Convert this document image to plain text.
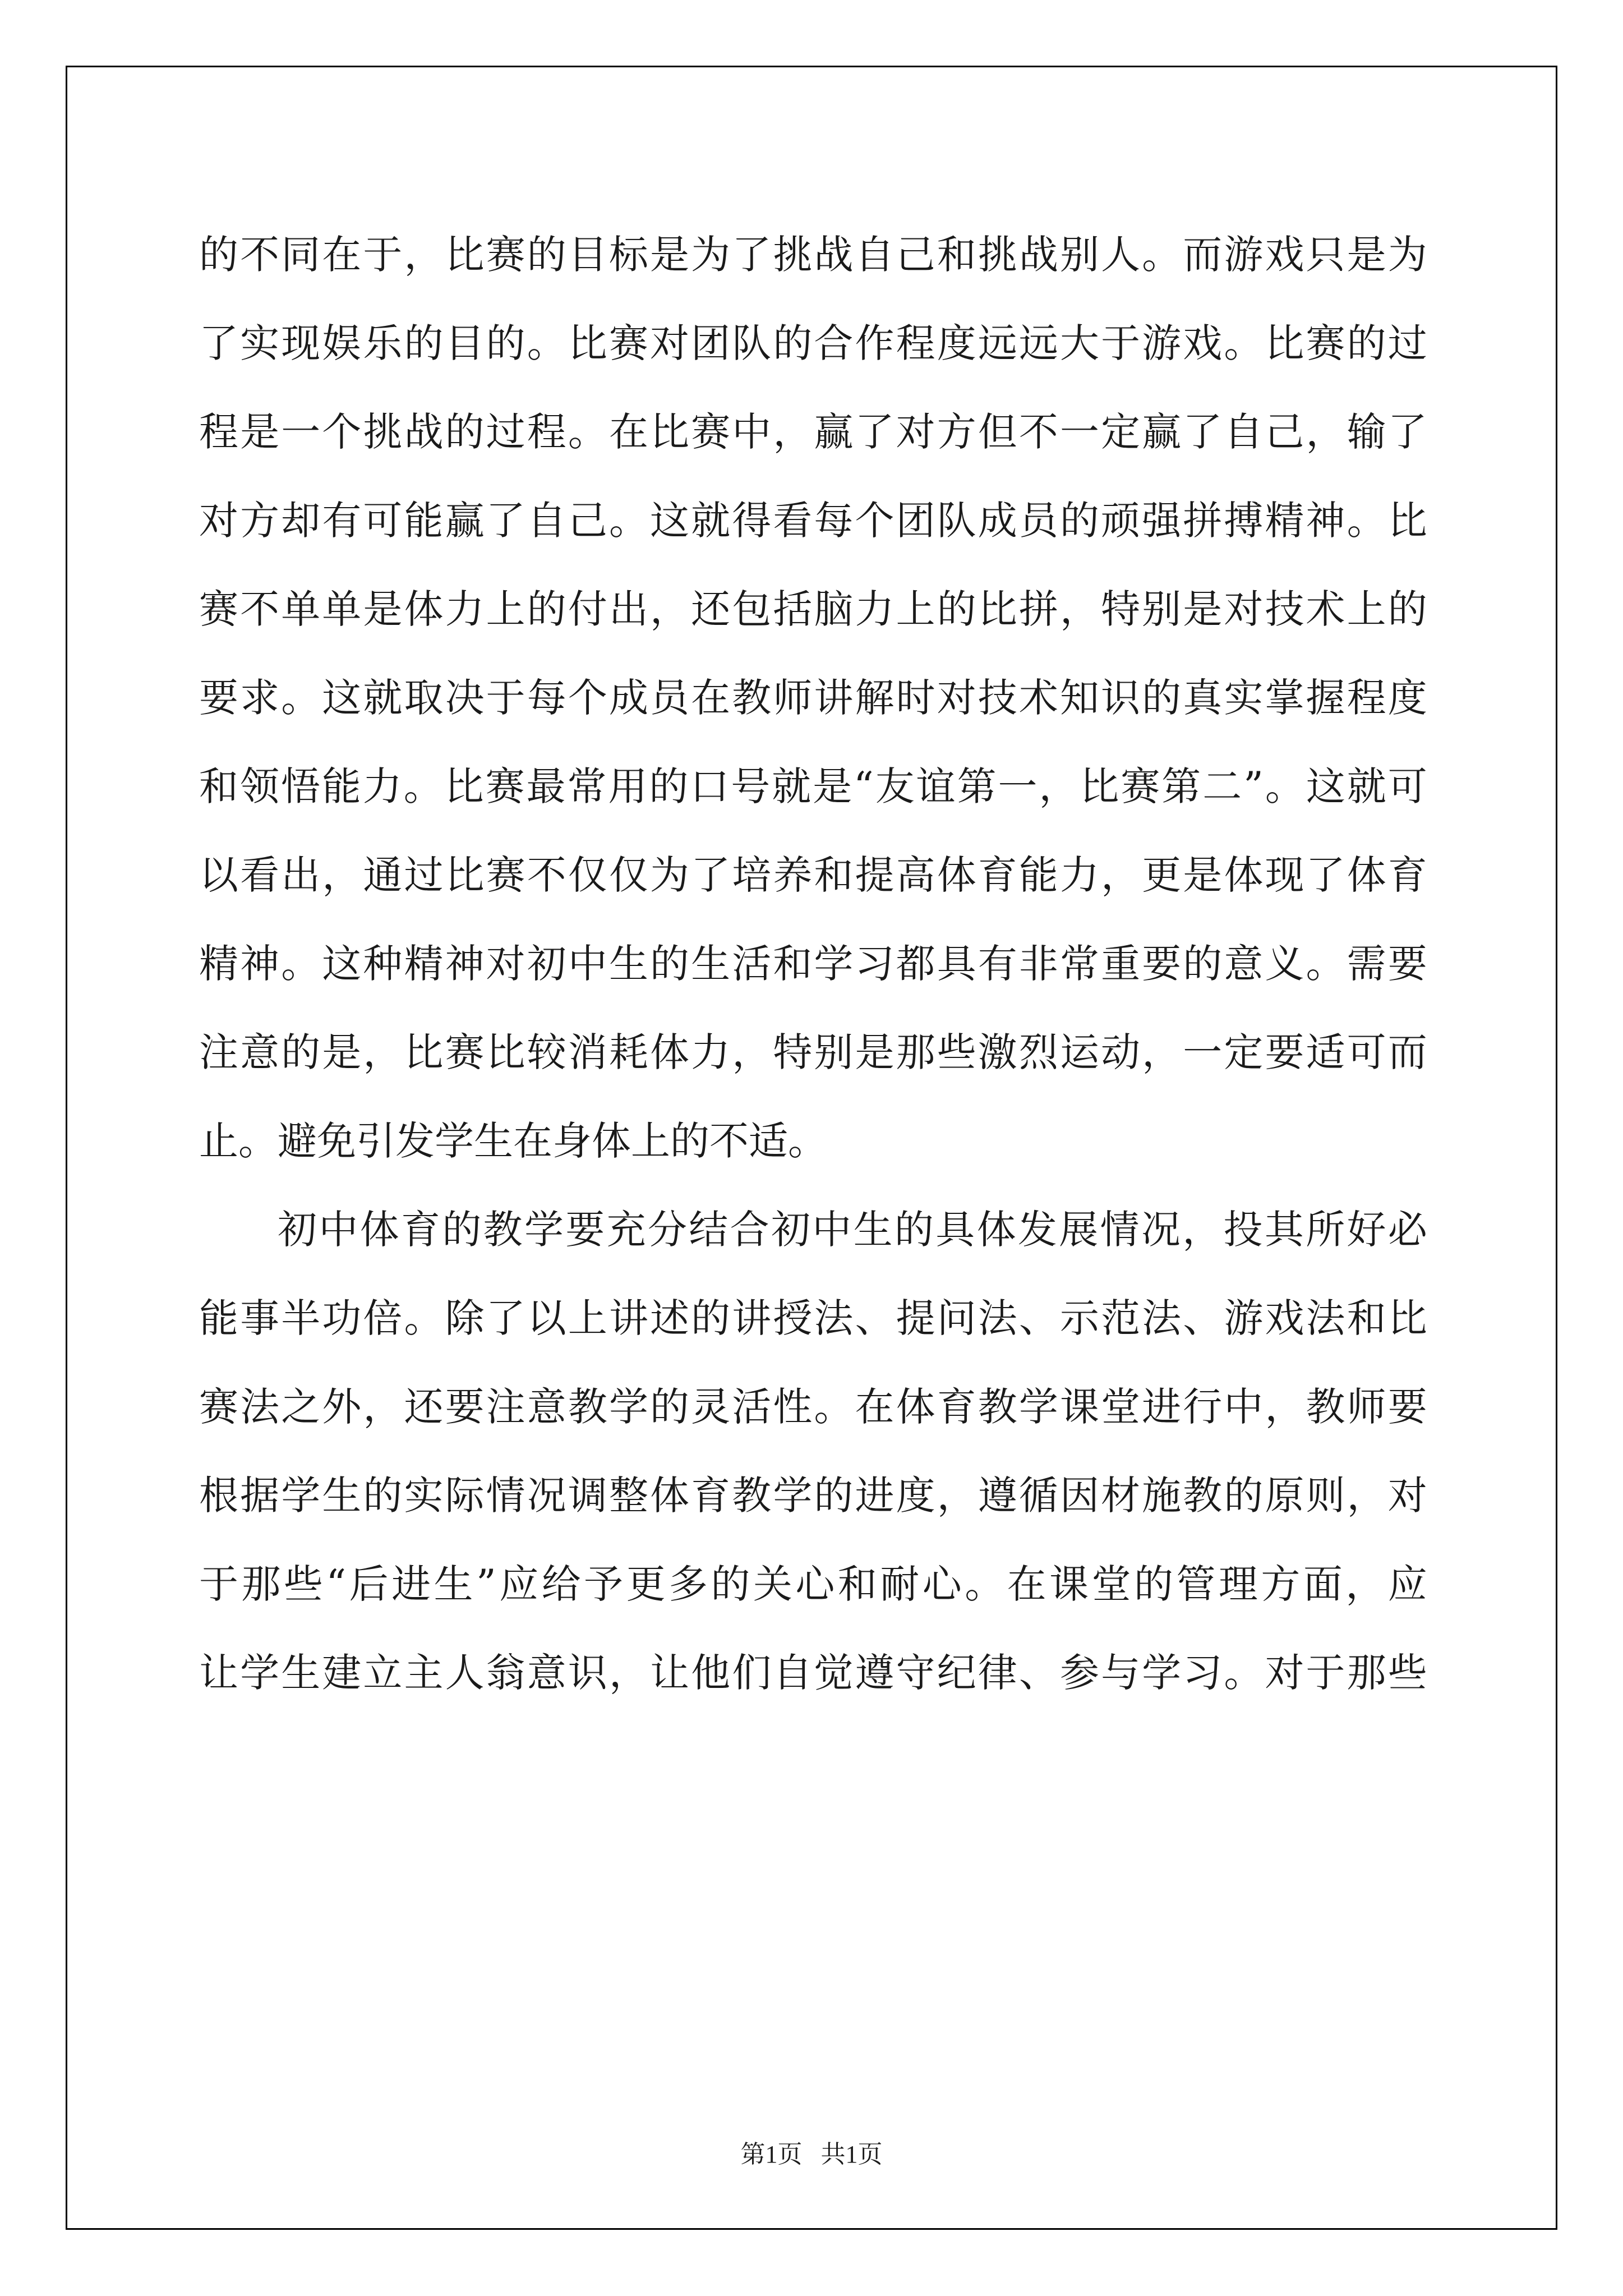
的 不 同 在 于 ， 比 赛 的 目 标 是 为 了 挑 战 自 己 和 挑 战 别 人 。 而 游 戏 只 是 为
了 实 现 娱 乐 的 目 的 。 比 赛 对 团 队 的 合 作 程 度 远 远 大 于 游 戏 。 比 赛 的 过
程 是 一 个 挑 战 的 过 程 。 在 比 赛 中 ， 赢 了 对 方 但 不 一 定 赢 了 自 己 ， 输 了
对 方 却 有 可 能 赢 了 自 己 。 这 就 得 看 每 个 团 队 成 员 的 顽 强 拼 搏 精 神 。 比
赛 不 单 单 是 体 力 上 的 付 出 ， 还 包 括 脑 力 上 的 比 拼 ， 特 别 是 对 技 术 上 的
要 求 。 这 就 取 决 于 每 个 成 员 在 教 师 讲 解 时 对 技 术 知 识 的 真 实 掌 握 程 度
和 领 悟 能 力 。 比 赛 最 常 用 的 口 号 就 是 “ 友 谊 第 一 ， 比 赛 第 二 ” 。 这 就 可
以 看 出 ， 通 过 比 赛 不 仅 仅 为 了 培 养 和 提 高 体 育 能 力 ， 更 是 体 现 了 体 育
精 神 。 这 种 精 神 对 初 中 生 的 生 活 和 学 习 都 具 有 非 常 重 要 的 意 义 。 需 要
注 意 的 是 ， 比 赛 比 较 消 耗 体 力 ， 特 别 是 那 些 激 烈 运 动 ， 一 定 要 适 可 而
止 。 避 免 引 发 学 生 在 身 体 上 的 不 适 。
初 中 体 育 的 教 学 要 充 分 结 合 初 中 生 的 具 体 发 展 情 况 ， 投 其 所 好 必
能 事 半 功 倍 。 除 了 以 上 讲 述 的 讲 授 法 、 提 问 法 、 示 范 法 、 游 戏 法 和 比
赛 法 之 外 ， 还 要 注 意 教 学 的 灵 活 性 。 在 体 育 教 学 课 堂 进 行 中 ， 教 师 要
根 据 学 生 的 实 际 情 况 调 整 体 育 教 学 的 进 度 ， 遵 循 因 材 施 教 的 原 则 ， 对
于 那 些 “ 后 进 生 ” 应 给 予 更 多 的 关 心 和 耐 心 。 在 课 堂 的 管 理 方 面 ， 应
让 学 生 建 立 主 人 翁 意 识 ， 让 他 们 自 觉 遵 守 纪 律 、 参 与 学 习 。 对 于 那 些
第1页   共1页
